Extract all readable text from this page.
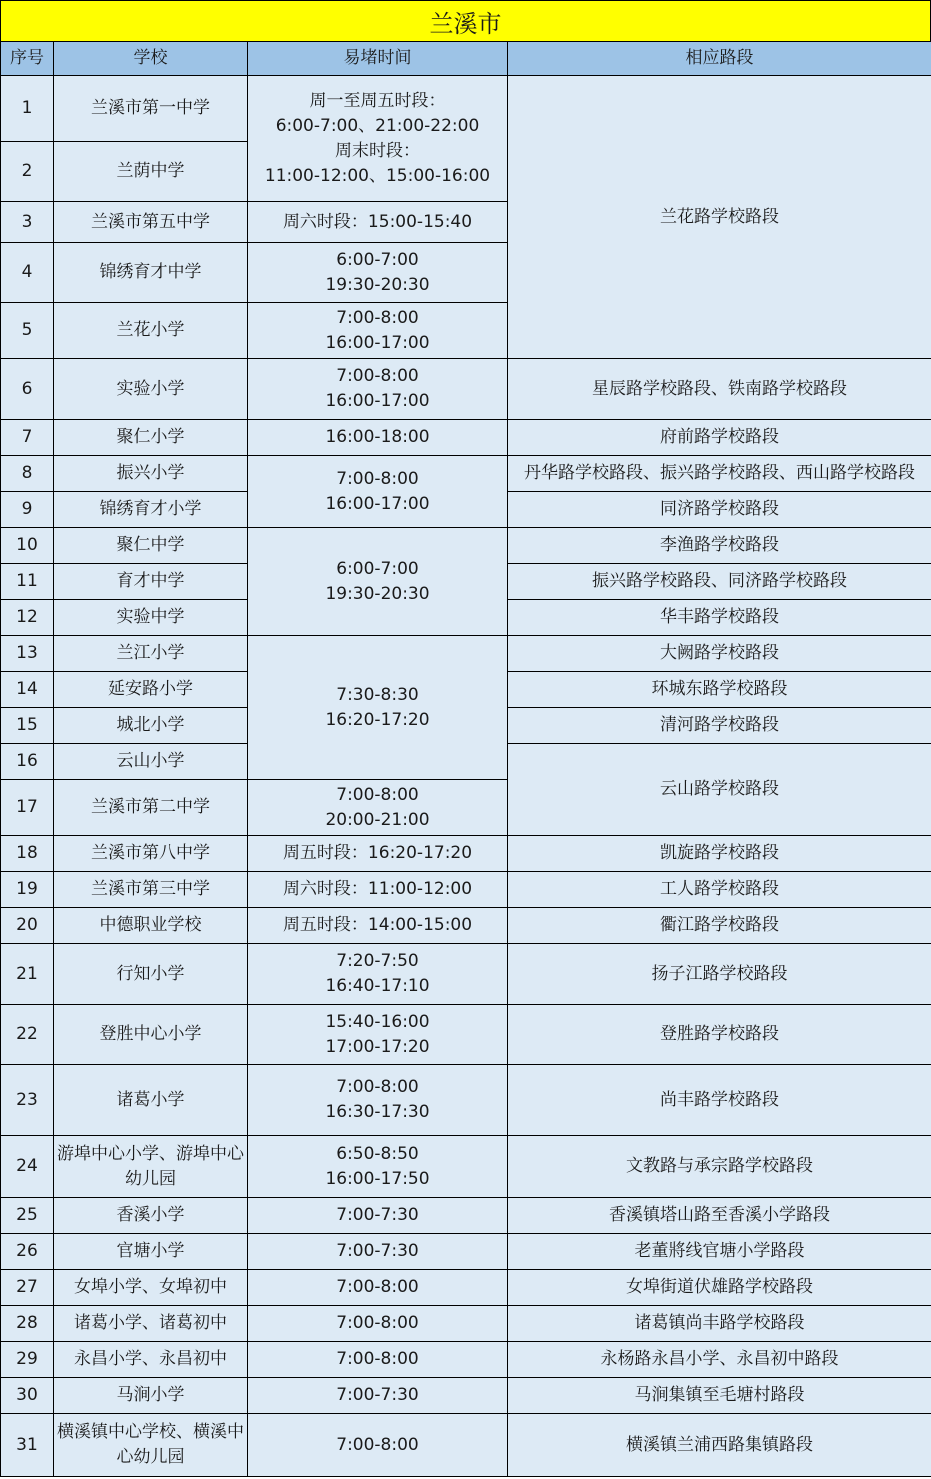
兰溪市
序号	学校	易堵时间	相应路段
1	兰溪市第一中学	周一至周五时段：
6:00-7:00、21:00-22:00
周末时段：
11:00-12:00、15:00-16:00	兰花路学校路段
2	兰荫中学		
3	兰溪市第五中学	周六时段：15:00-15:40	
4	锦绣育才中学	6:00-7:00
19:30-20:30	
5	兰花小学	7:00-8:00
16:00-17:00	
6	实验小学	7:00-8:00
16:00-17:00	星辰路学校路段、铁南路学校路段
7	聚仁小学	16:00-18:00	府前路学校路段
8	振兴小学	7:00-8:00
16:00-17:00	丹华路学校路段、振兴路学校路段、西山路学校路段
9	锦绣育才小学		同济路学校路段
10	聚仁中学	6:00-7:00
19:30-20:30	李渔路学校路段
11	育才中学		振兴路学校路段、同济路学校路段
12	实验中学		华丰路学校路段
13	兰江小学	7:30-8:30
16:20-17:20	大阙路学校路段
14	延安路小学		环城东路学校路段
15	城北小学		清河路学校路段
16	云山小学		云山路学校路段
17	兰溪市第二中学	7:00-8:00
20:00-21:00	
18	兰溪市第八中学	周五时段：16:20-17:20	凯旋路学校路段
19	兰溪市第三中学	周六时段：11:00-12:00	工人路学校路段
20	中德职业学校	周五时段：14:00-15:00	衢江路学校路段
21	行知小学	7:20-7:50
16:40-17:10	扬子江路学校路段
22	登胜中心小学	15:40-16:00
17:00-17:20	登胜路学校路段
23	诸葛小学	7:00-8:00
16:30-17:30	尚丰路学校路段
24	游埠中心小学、游埠中心幼儿园	6:50-8:50
16:00-17:50	文教路与承宗路学校路段
25	香溪小学	7:00-7:30	香溪镇塔山路至香溪小学路段
26	官塘小学	7:00-7:30	老董將线官塘小学路段
27	女埠小学、女埠初中	7:00-8:00	女埠街道伏雄路学校路段
28	诸葛小学、诸葛初中	7:00-8:00	诸葛镇尚丰路学校路段
29	永昌小学、永昌初中	7:00-8:00	永杨路永昌小学、永昌初中路段
30	马涧小学	7:00-7:30	马涧集镇至毛塘村路段
31	横溪镇中心学校、横溪中心幼儿园	7:00-8:00	横溪镇兰浦西路集镇路段
